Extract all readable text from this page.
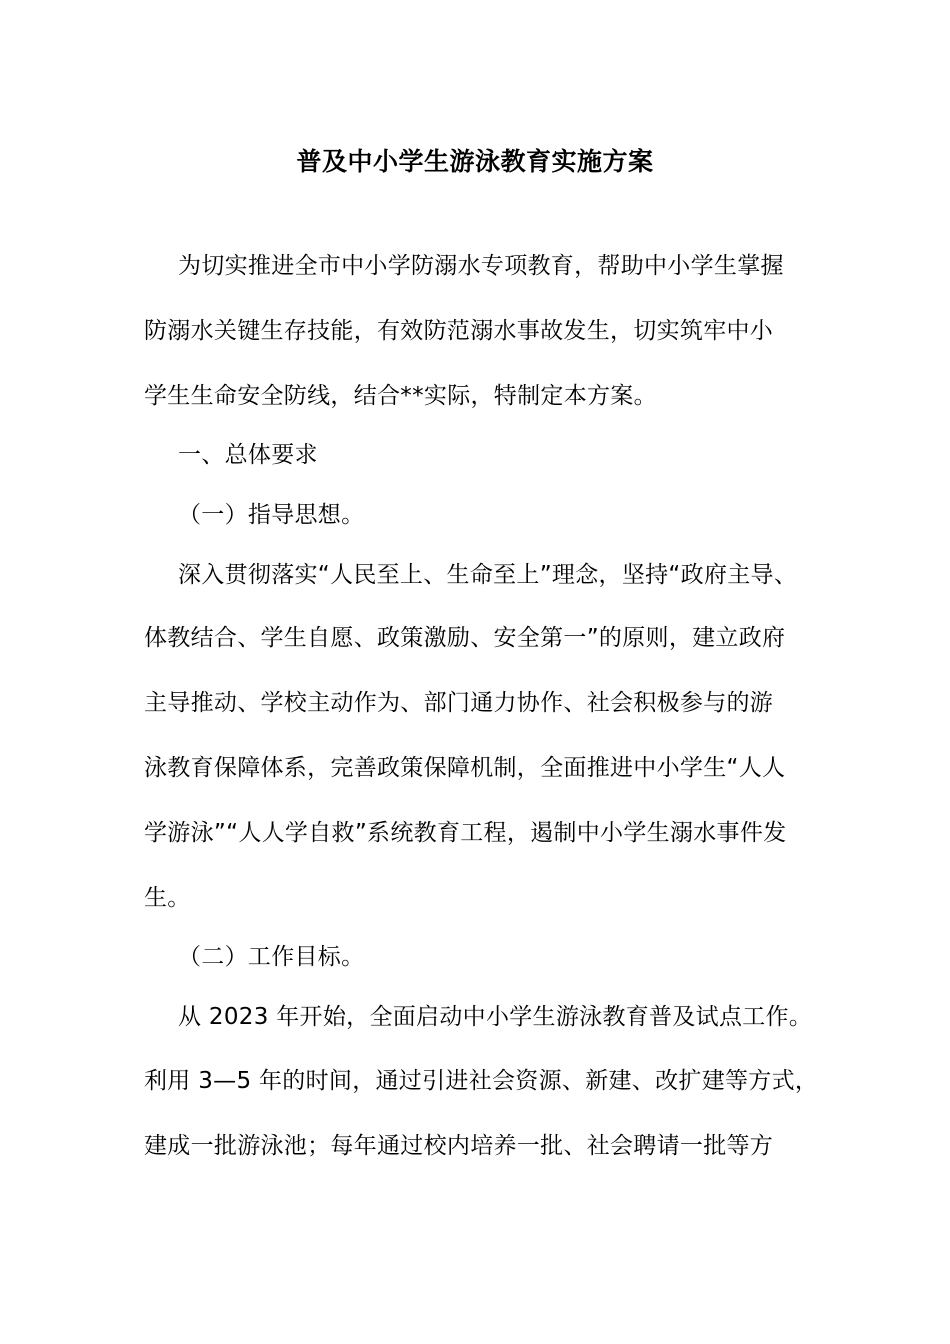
普及中小学生游泳教育实施方案
为切实推进全市中小学防溺水专项教育，帮助中小学生掌握
防溺水关键生存技能，有效防范溺水事故发生，切实筑牢中小
学生生命安全防线，结合**实际，特制定本方案。
一、总体要求
（一）指导思想。
深入贯彻落实“人民至上、生命至上”理念，坚持“政府主导、
体教结合、学生自愿、政策激励、安全第一”的原则，建立政府
主导推动、学校主动作为、部门通力协作、社会积极参与的游
泳教育保障体系，完善政策保障机制，全面推进中小学生“人人
学游泳”“人人学自救”系统教育工程，遏制中小学生溺水事件发
生。
（二）工作目标。
从 2023 年开始，全面启动中小学生游泳教育普及试点工作。
利用 3—5 年的时间，通过引进社会资源、新建、改扩建等方式，
建成一批游泳池；每年通过校内培养一批、社会聘请一批等方
